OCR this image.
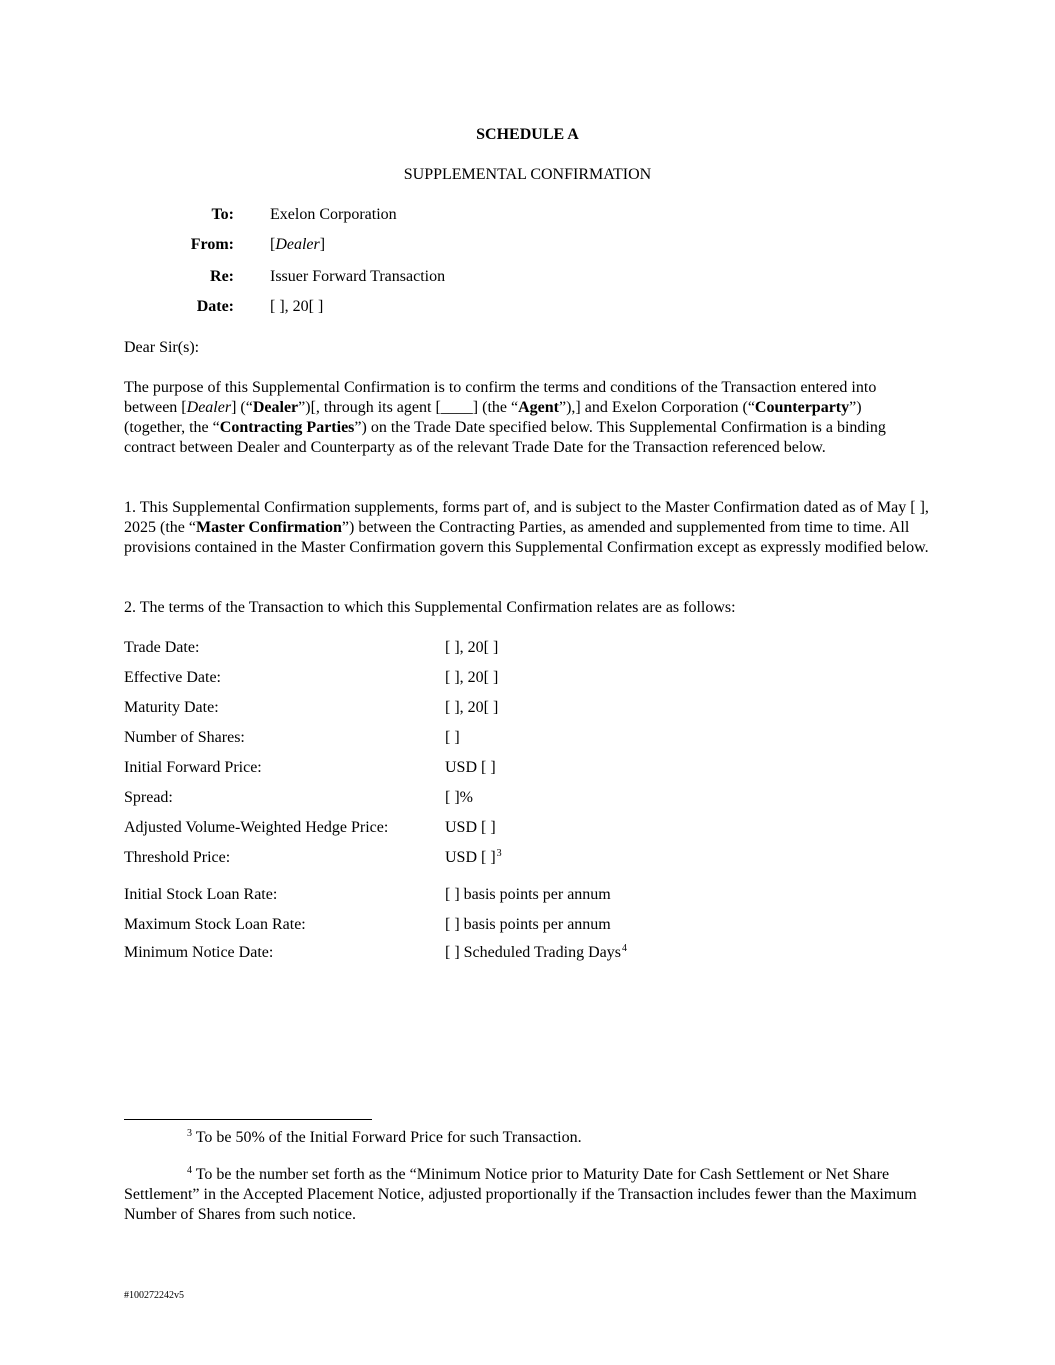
SCHEDULE A
SUPPLEMENTAL CONFIRMATION
To: Exelon Corporation
From: [Dealer]
Re: Issuer Forward Transaction
Date: [ ], 20[ ]
Dear Sir(s):
The purpose of this Supplemental Confirmation is to confirm the terms and conditions of the Transaction entered into between [Dealer] (“Dealer”)[, through its agent [____] (the “Agent”),] and Exelon Corporation (“Counterparty”) (together, the “Contracting Parties”) on the Trade Date specified below. This Supplemental Confirmation is a binding contract between Dealer and Counterparty as of the relevant Trade Date for the Transaction referenced below.
1. This Supplemental Confirmation supplements, forms part of, and is subject to the Master Confirmation dated as of May [ ], 2025 (the “Master Confirmation”) between the Contracting Parties, as amended and supplemented from time to time. All provisions contained in the Master Confirmation govern this Supplemental Confirmation except as expressly modified below.
2. The terms of the Transaction to which this Supplemental Confirmation relates are as follows:
Trade Date:	[ ], 20[ ]
Effective Date:	[ ], 20[ ]
Maturity Date:	[ ], 20[ ]
Number of Shares:	[ ]
Initial Forward Price:	USD [ ]
Spread:	[ ]%
Adjusted Volume-Weighted Hedge Price:	USD [ ]
Threshold Price:	USD [ ]$^3$
Initial Stock Loan Rate:	[ ] basis points per annum
Maximum Stock Loan Rate:	[ ] basis points per annum
Minimum Notice Date:	[ ] Scheduled Trading Days$^4$
$^3$ To be 50% of the Initial Forward Price for such Transaction.
$^4$ To be the number set forth as the “Minimum Notice prior to Maturity Date for Cash Settlement or Net Share Settlement” in the Accepted Placement Notice, adjusted proportionally if the Transaction includes fewer than the Maximum Number of Shares from such notice.
#100272242v5
